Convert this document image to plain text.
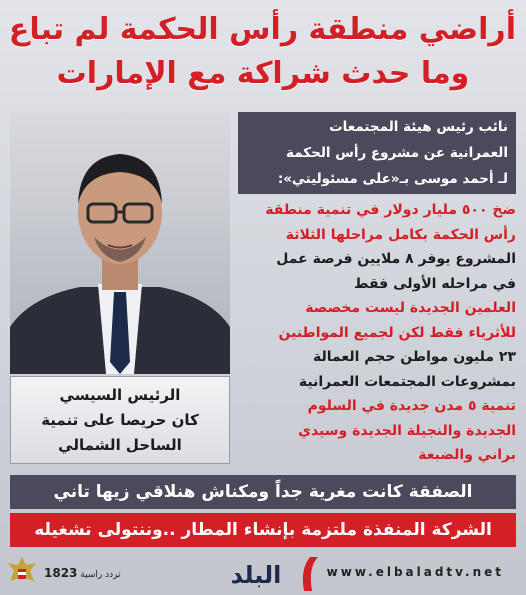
أراضي منطقة رأس الحكمة لم تباع
وما حدث شراكة مع الإمارات
الرئيس السيسي
كان حريصا على تنمية
الساحل الشمالي
نائب رئيس هيئة المجتمعات
العمرانية عن مشروع رأس الحكمة
لـ أحمد موسى بـ«على مسئوليتي»:
ضخ ٥٠٠ مليار دولار في تنمية منطقة
رأس الحكمة بكامل مراحلها الثلاثة
المشروع يوفر ٨ ملايين فرصة عمل
في مراحله الأولى فقط
العلمين الجديدة ليست مخصصة
للأثرياء فقط لكن لجميع المواطنين
٢٣ مليون مواطن حجم العمالة
بمشروعات المجتمعات العمرانية
تنمية ٥ مدن جديدة في السلوم
الجديدة والنجيلة الجديدة وسيدي
براني والضبعة
الصفقة كانت مغرية جداً ومكناش هنلاقي زيها تاني
الشركة المنفذة ملتزمة بإنشاء المطار ..وننتولى تشغيله
تردد راسية 1823	البلد	www.elbaladtv.net
